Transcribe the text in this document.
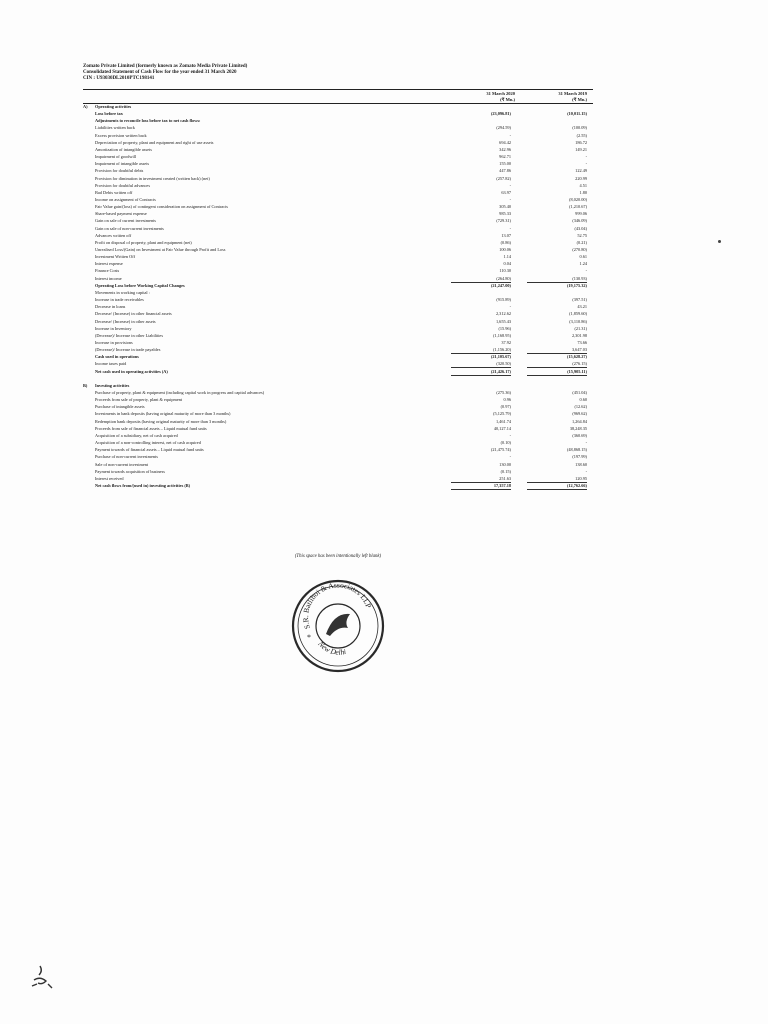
Zomato Private Limited (formerly known as Zomato Media Private Limited)
Consolidated Statement of Cash Flow for the year ended 31 March 2020
CIN : U93030DL2010PTC198141
31 March 2020
(₹ Mn.)
31 March 2019
(₹ Mn.)
A)	Operating activities
Loss before tax	(23,096.81)	(10,011.15)
Adjustments to reconcile loss before tax to net cash flows:
Liabilities written back	(294.59)	(100.09)
Excess provision written back	-	(2.55)
Depreciation of property, plant and equipment and right of use assets	694.42	186.72
Amortization of intangible assets	342.96	149.21
Impairment of goodwill	962.71	-
Impairment of intangible assets	155.00	-
Provision for doubtful debts	447.86	122.49
Provision for diminution in investment created (written back) (net)	(257.82)	220.99
Provision for doubtful advances	-	4.51
Bad Debts written off	63.97	1.80
Income on assignment of Contracts	-	(8,020.00)
Fair Value gain/(loss) of contingent consideration on assignment of Contracts	305.40	(1,210.67)
Share-based payment expense	985.33	999.06
Gain on sale of current investments	(729.31)	(346.09)
Gain on sale of non-current investments	-	(43.04)
Advances written off	13.07	52.75
Profit on disposal of property, plant and equipment (net)	(0.86)	(0.21)
Unrealised Loss/(Gain) on Investment at Fair Value through Profit and Loss	100.06	(270.80)
Investment Written Off	1.14	0.61
Interest expense	0.04	1.24
Finance Costs	110.30	-
Interest income	(264.80)	(130.93)
Operating Loss before Working Capital Changes	(21,247.00)	(19,175.32)
Movements in working capital :
Increase in trade receivables	(915.89)	(397.51)
Decrease in loans	-	43.21
Decrease/ (Increase) in other financial assets	2,312.62	(1,859.60)
Decrease/ (Increase) in other assets	1,655.43	(3,110.86)
Increase in Inventory	(15.96)	(21.31)
(Decrease)/ Increase in other Liabilities	(1,168.95)	2,301.98
Increase in provisions	37.92	73.66
(Decrease)/ Increase in trade payables	(1,156.20)	3,647.03
Cash used in operations	(21,105.67)	(15,628.27)
Income taxes paid	(320.50)	(276.15)
Net cash used in operating activities (A)	(21,426.17)	(15,905.11)
B)	Investing activities
Purchase of property, plant & equipment (including capital work in progress and capital advances)	(275.36)	(451.04)
Proceeds from sale of property, plant & equipment	0.96	0.60
Purchase of intangible assets	(0.97)	(12.62)
Investments in bank deposits (having original maturity of more than 3 months)	(5,125.79)	(969.62)
Redemption bank deposits (having original maturity of more than 3 months)	1,461.74	1,264.84
Proceeds from sale of financial assets – Liquid mutual fund units	40,127.14	38,248.35
Acquisition of a subsidiary, net of cash acquired	-	(360.69)
Acquisition of a non-controlling interest, net of cash acquired	(0.10)	-
Payment towards of financial assets – Liquid mutual fund units	(21,475.74)	(48,868.15)
Purchase of non-current investments	-	(197.99)
Sale of non-current investment	130.00	138.60
Payment towards acquisition of business	(0.15)	-
Interest received	251.63	120.95
Net cash flows from/(used in) investing activities (B)	17,357.18	(12,762.66)
(This space has been intentionally left blank)
S.R. Batliboi & Associates LLP
New Delhi
*
